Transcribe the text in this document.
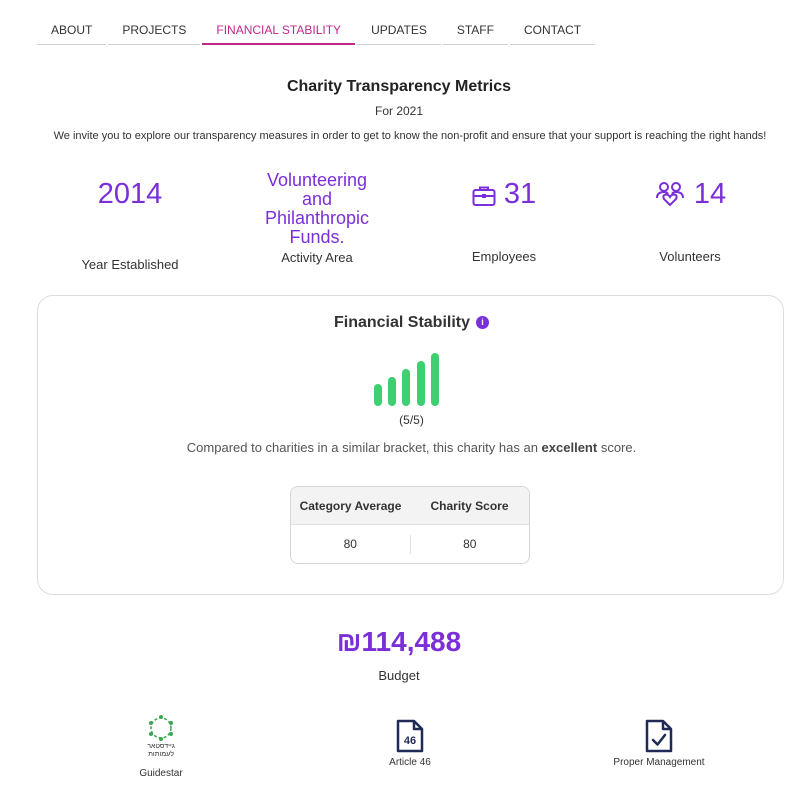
ABOUT	PROJECTS	FINANCIAL STABILITY	UPDATES	STAFF	CONTACT
Charity Transparency Metrics
For 2021
We invite you to explore our transparency measures in order to get to know the non-profit and ensure that your support is reaching the right hands!
2014
Year Established
Volunteering
and
Philanthropic
Funds.
Activity Area
31
Employees
14
Volunteers
Financial Stability i
(5/5)
Compared to charities in a similar bracket, this charity has an excellent score.
Category Average	Charity Score
80	80
₪114,488
Budget
גיידסטאר
לעמותות
Guidestar
46
Article 46	Proper Management
